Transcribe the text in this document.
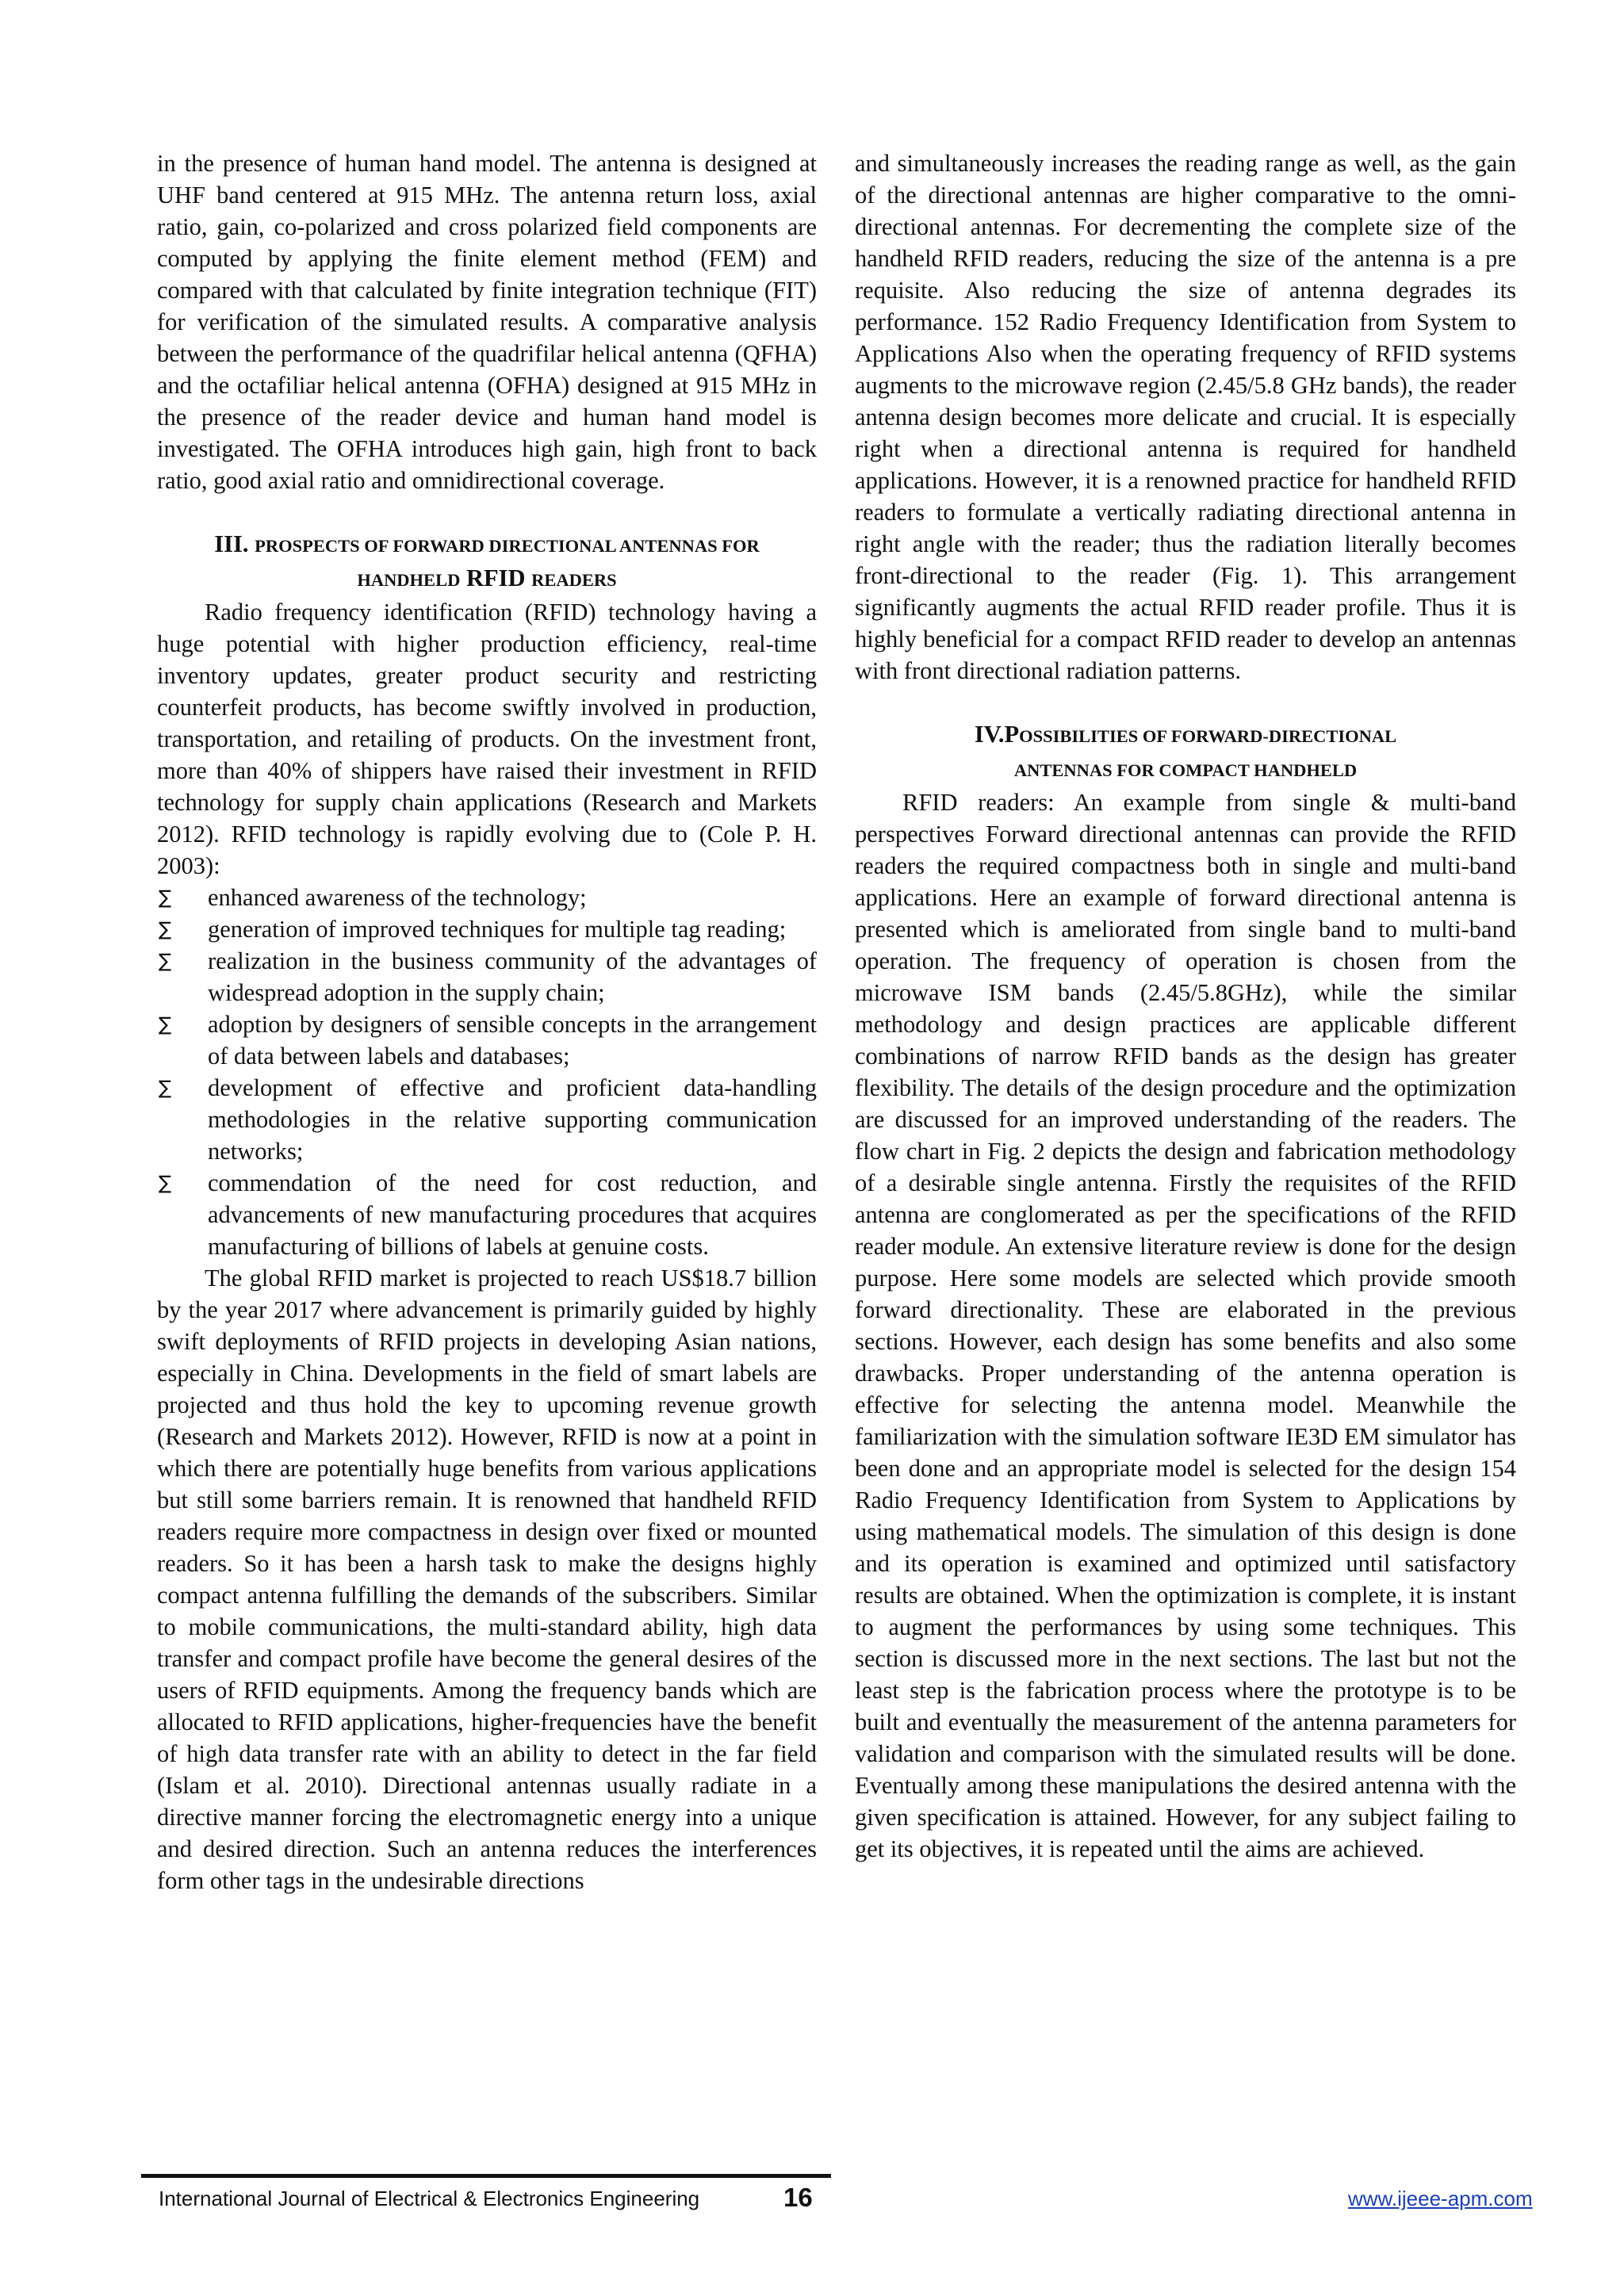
in the presence of human hand model. The antenna is designed at UHF band centered at 915 MHz. The antenna return loss, axial ratio, gain, co-polarized and cross polarized field components are computed by applying the finite element method (FEM) and compared with that calculated by finite integration technique (FIT) for verification of the simulated results. A comparative analysis between the performance of the quadrifilar helical antenna (QFHA) and the octafiliar helical antenna (OFHA) designed at 915 MHz in the presence of the reader device and human hand model is investigated. The OFHA introduces high gain, high front to back ratio, good axial ratio and omnidirectional coverage.

III. PROSPECTS OF FORWARD DIRECTIONAL ANTENNAS FOR
HANDHELD RFID READERS

Radio frequency identification (RFID) technology having a huge potential with higher production efficiency, real-time inventory updates, greater product security and restricting counterfeit products, has become swiftly involved in production, transportation, and retailing of products. On the investment front, more than 40% of shippers have raised their investment in RFID technology for supply chain applications (Research and Markets 2012). RFID technology is rapidly evolving due to (Cole P. H. 2003):

∑ enhanced awareness of the technology;
∑ generation of improved techniques for multiple tag reading;
∑ realization in the business community of the advantages of widespread adoption in the supply chain;
∑ adoption by designers of sensible concepts in the arrangement of data between labels and databases;
∑ development of effective and proficient data-handling methodologies in the relative supporting communication networks;
∑ commendation of the need for cost reduction, and advancements of new manufacturing procedures that acquires manufacturing of billions of labels at genuine costs.

The global RFID market is projected to reach US$18.7 billion by the year 2017 where advancement is primarily guided by highly swift deployments of RFID projects in developing Asian nations, especially in China. Developments in the field of smart labels are projected and thus hold the key to upcoming revenue growth (Research and Markets 2012). However, RFID is now at a point in which there are potentially huge benefits from various applications but still some barriers remain. It is renowned that handheld RFID readers require more compactness in design over fixed or mounted readers. So it has been a harsh task to make the designs highly compact antenna fulfilling the demands of the subscribers. Similar to mobile communications, the multi-standard ability, high data transfer and compact profile have become the general desires of the users of RFID equipments. Among the frequency bands which are allocated to RFID applications, higher-frequencies have the benefit of high data transfer rate with an ability to detect in the far field (Islam et al. 2010). Directional antennas usually radiate in a directive manner forcing the electromagnetic energy into a unique and desired direction. Such an antenna reduces the interferences form other tags in the undesirable directions

and simultaneously increases the reading range as well, as the gain of the directional antennas are higher comparative to the omni-directional antennas. For decrementing the complete size of the handheld RFID readers, reducing the size of the antenna is a pre requisite. Also reducing the size of antenna degrades its performance. 152 Radio Frequency Identification from System to Applications Also when the operating frequency of RFID systems augments to the microwave region (2.45/5.8 GHz bands), the reader antenna design becomes more delicate and crucial. It is especially right when a directional antenna is required for handheld applications. However, it is a renowned practice for handheld RFID readers to formulate a vertically radiating directional antenna in right angle with the reader; thus the radiation literally becomes front-directional to the reader (Fig. 1). This arrangement significantly augments the actual RFID reader profile. Thus it is highly beneficial for a compact RFID reader to develop an antennas with front directional radiation patterns.

IV.POSSIBILITIES OF FORWARD-DIRECTIONAL
ANTENNAS FOR COMPACT HANDHELD

RFID readers: An example from single & multi-band perspectives Forward directional antennas can provide the RFID readers the required compactness both in single and multi-band applications. Here an example of forward directional antenna is presented which is ameliorated from single band to multi-band operation. The frequency of operation is chosen from the microwave ISM bands (2.45/5.8GHz), while the similar methodology and design practices are applicable different combinations of narrow RFID bands as the design has greater flexibility. The details of the design procedure and the optimization are discussed for an improved understanding of the readers. The flow chart in Fig. 2 depicts the design and fabrication methodology of a desirable single antenna. Firstly the requisites of the RFID antenna are conglomerated as per the specifications of the RFID reader module. An extensive literature review is done for the design purpose. Here some models are selected which provide smooth forward directionality. These are elaborated in the previous sections. However, each design has some benefits and also some drawbacks. Proper understanding of the antenna operation is effective for selecting the antenna model. Meanwhile the familiarization with the simulation software IE3D EM simulator has been done and an appropriate model is selected for the design 154 Radio Frequency Identification from System to Applications by using mathematical models. The simulation of this design is done and its operation is examined and optimized until satisfactory results are obtained. When the optimization is complete, it is instant to augment the performances by using some techniques. This section is discussed more in the next sections. The last but not the least step is the fabrication process where the prototype is to be built and eventually the measurement of the antenna parameters for validation and comparison with the simulated results will be done. Eventually among these manipulations the desired antenna with the given specification is attained. However, for any subject failing to get its objectives, it is repeated until the aims are achieved.

International Journal of Electrical & Electronics Engineering	16	www.ijeee-apm.com
